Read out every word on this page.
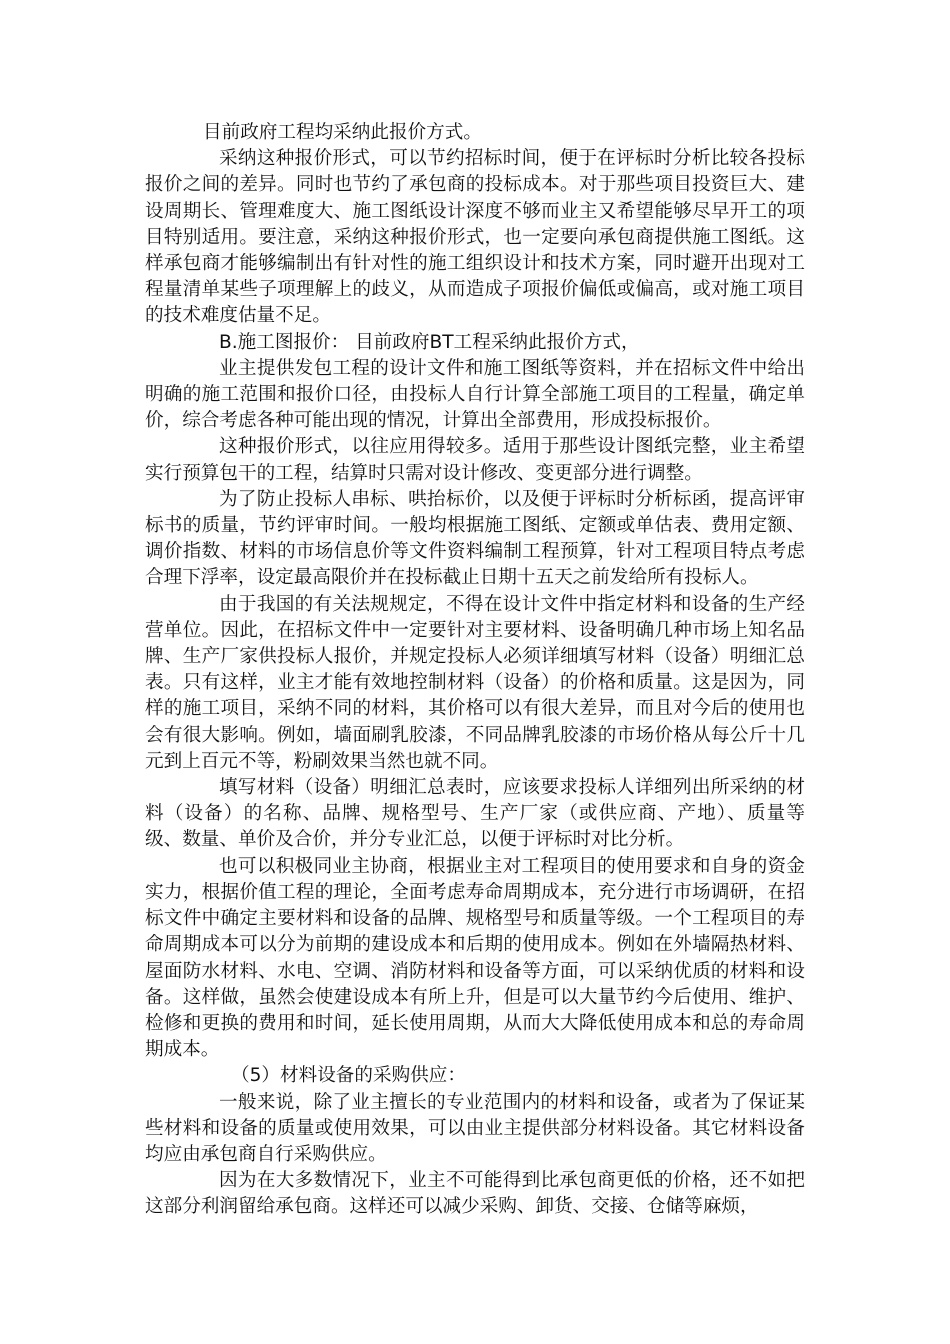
目前政府工程均采纳此报价方式。

采纳这种报价形式，可以节约招标时间，便于在评标时分析比较各投标报价之间的差异。同时也节约了承包商的投标成本。对于那些项目投资巨大、建设周期长、管理难度大、施工图纸设计深度不够而业主又希望能够尽早开工的项目特别适用。要注意，采纳这种报价形式，也一定要向承包商提供施工图纸。这样承包商才能够编制出有针对性的施工组织设计和技术方案，同时避开出现对工程量清单某些子项理解上的歧义，从而造成子项报价偏低或偏高，或对施工项目的技术难度估量不足。

B.施工图报价： 目前政府BT工程采纳此报价方式，

业主提供发包工程的设计文件和施工图纸等资料，并在招标文件中给出明确的施工范围和报价口径，由投标人自行计算全部施工项目的工程量，确定单价，综合考虑各种可能出现的情况，计算出全部费用，形成投标报价。

这种报价形式，以往应用得较多。适用于那些设计图纸完整，业主希望实行预算包干的工程，结算时只需对设计修改、变更部分进行调整。

为了防止投标人串标、哄抬标价，以及便于评标时分析标函，提高评审标书的质量，节约评审时间。一般均根据施工图纸、定额或单估表、费用定额、调价指数、材料的市场信息价等文件资料编制工程预算，针对工程项目特点考虑合理下浮率，设定最高限价并在投标截止日期十五天之前发给所有投标人。

由于我国的有关法规规定，不得在设计文件中指定材料和设备的生产经营单位。因此，在招标文件中一定要针对主要材料、设备明确几种市场上知名品牌、生产厂家供投标人报价，并规定投标人必须详细填写材料（设备）明细汇总表。只有这样，业主才能有效地控制材料（设备）的价格和质量。这是因为，同样的施工项目，采纳不同的材料，其价格可以有很大差异，而且对今后的使用也会有很大影响。例如，墙面刷乳胶漆，不同品牌乳胶漆的市场价格从每公斤十几元到上百元不等，粉刷效果当然也就不同。

填写材料（设备）明细汇总表时，应该要求投标人详细列出所采纳的材料（设备）的名称、品牌、规格型号、生产厂家（或供应商、产地）、质量等级、数量、单价及合价，并分专业汇总，以便于评标时对比分析。

也可以积极同业主协商，根据业主对工程项目的使用要求和自身的资金实力，根据价值工程的理论，全面考虑寿命周期成本，充分进行市场调研，在招标文件中确定主要材料和设备的品牌、规格型号和质量等级。一个工程项目的寿命周期成本可以分为前期的建设成本和后期的使用成本。例如在外墙隔热材料、屋面防水材料、水电、空调、消防材料和设备等方面，可以采纳优质的材料和设备。这样做，虽然会使建设成本有所上升，但是可以大量节约今后使用、维护、检修和更换的费用和时间，延长使用周期，从而大大降低使用成本和总的寿命周期成本。

（5）材料设备的采购供应：

一般来说，除了业主擅长的专业范围内的材料和设备，或者为了保证某些材料和设备的质量或使用效果，可以由业主提供部分材料设备。其它材料设备均应由承包商自行采购供应。

因为在大多数情况下，业主不可能得到比承包商更低的价格，还不如把这部分利润留给承包商。这样还可以减少采购、卸货、交接、仓储等麻烦，
